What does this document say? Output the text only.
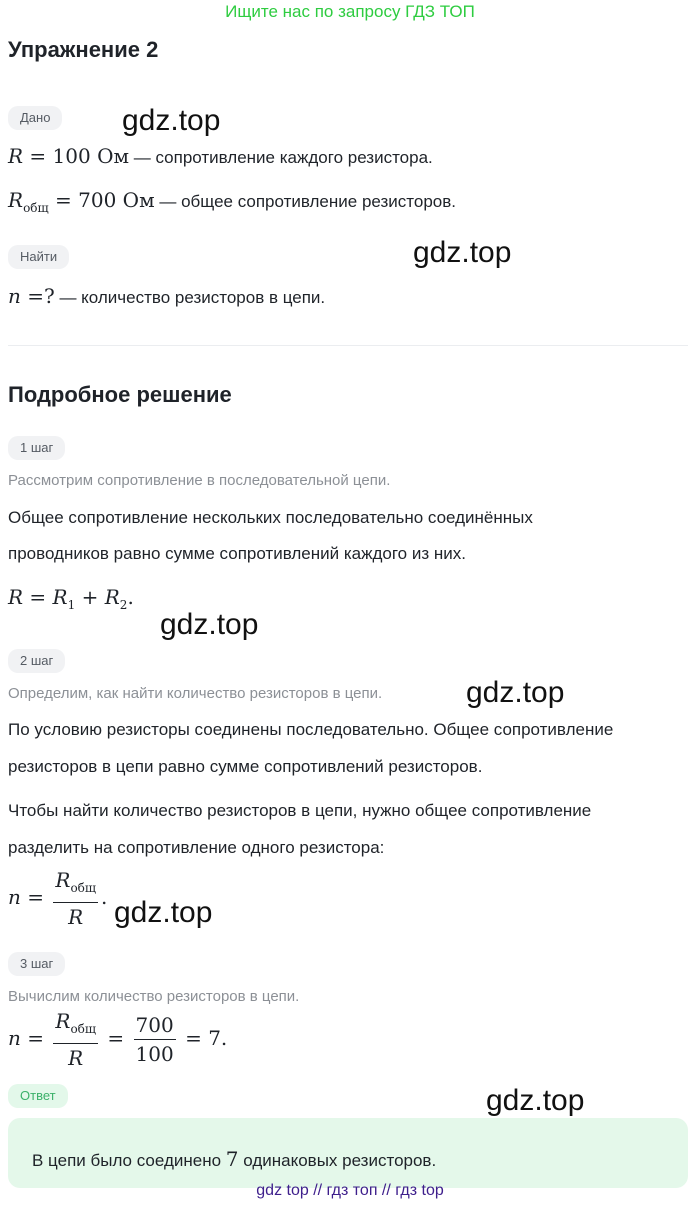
Ищите нас по запросу ГДЗ ТОП
Упражнение 2
Дано
R = 100 Ом — сопротивление каждого резистора.
$R_{общ} = 700$ Ом — общее сопротивление резисторов.
Найти
n =? — количество резисторов в цепи.
Подробное решение
1 шаг
Рассмотрим сопротивление в последовательной цепи.
Общее сопротивление нескольких последовательно соединённых
проводников равно сумме сопротивлений каждого из них.
$R = R_1 + R_2$.
2 шаг
Определим, как найти количество резисторов в цепи.
По условию резисторы соединены последовательно. Общее сопротивление
резисторов в цепи равно сумме сопротивлений резисторов.
Чтобы найти количество резисторов в цепи, нужно общее сопротивление
разделить на сопротивление одного резистора:
$n = \frac{R_{общ}}{R}$ .
3 шаг
Вычислим количество резисторов в цепи.
$n = \frac{R_{общ}}{R} = \frac{700}{100} = 7$.
Ответ
В цепи было соединено 7 одинаковых резисторов.
gdz.top
gdz.top
gdz.top
gdz.top
gdz.top
gdz.top
gdz top // гдз топ // гдз top
